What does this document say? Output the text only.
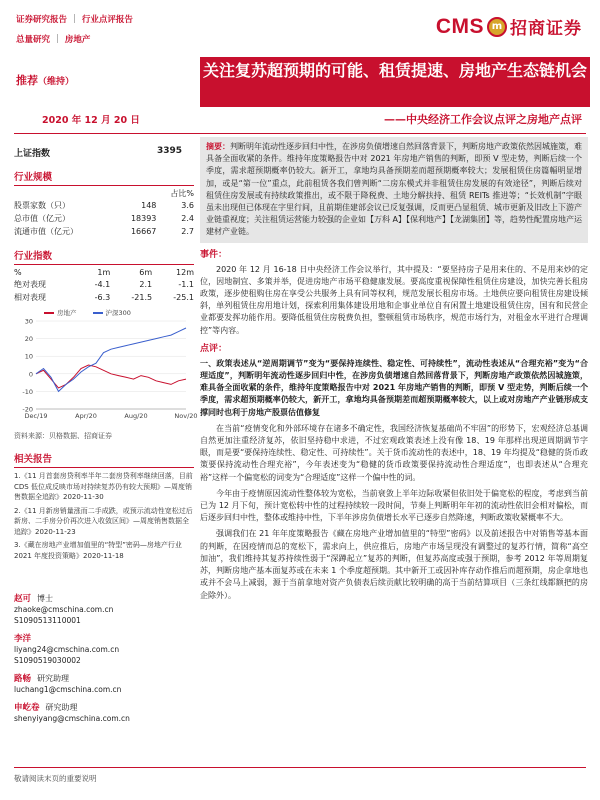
证券研究报告 | 行业点评报告
总量研究 | 房地产
CMS m 招商证券
推荐（维持）
关注复苏超预期的可能、租赁提速、房地产生态链机会
2020 年 12 月 20 日	——中央经济工作会议点评之房地产点评
上证指数	3395
行业规模
		占比%
股票家数（只）	148	3.6
总市值（亿元）	18393	2.4
流通市值（亿元）	16667	2.7
行业指数
%	1m	6m	12m
绝对表现	-4.1	2.1	-1.1
相对表现	-6.3	-21.5	-25.1
房地产	沪深300
30
20
10
0
-10
-20
Dec/19	Apr/20	Aug/20	Nov/20
资料来源：贝格数据、招商证券
相关报告
1.《11 月首套房贷利率半年二套房贷利率继续回落，目前 CDS 低位成反映市场对持续复苏仍有较大预期》—周度销售数据全追踪》2020-11-30
2.《11 月新房销量涨而二手成跌，或预示流动性宽松过后新房、二手房分价再次进入收敛区间》—周度销售数据全追踪》2020-11-23
3.《藏在房地产业增加值里的“特型”密码—房地产行业 2021 年度投资策略》2020-11-18
赵可 博士
zhaoke@cmschina.com.cn
S1090513110001
李洋
liyang24@cmschina.com.cn
S1090519030002
路畅 研究助理
luchang1@cmschina.com.cn
申屹卷 研究助理
shenyiyang@cmschina.com.cn
摘要：判断明年流动性逐步回归中性，在涉房负债增速自然回落背景下，判断房地产政策依然因城施策，难具备全面收紧的条件。维持年度策略报告中对 2021 年房地产销售的判断，即预 V 型走势，判断后续一个季度，需求超预期概率仍较大。新开工，拿地均具备预期差而超预期概率较大；发展租赁住房篇幅明显增加，或是“第一位”重点，此前租赁各我们曾判断“二房东模式并非租赁住房发展的有效途径”，判断后续对租赁住房发展或有持续政策推出，或不限于降税费、土地分解扶持、租赁 REITs 推进等；“长效机制”字眼虽未出现但已体现在字里行间，且前期佳建部会议已反复强调，反而更凸显租赁、城市更新及旧改上下游产业链重视度；关注租赁运营能力较强的企业如【万科 A】【保利地产】【龙湖集团】等，趋势性配置房地产运建材产业链。
事件：
2020 年 12 月 16-18 日中央经济工作会议举行，其中提及：“要坚持房子是用来住的、不是用来炒的定位，因地制宜、多策并举，促进房地产市场平稳健康发展。要高度重视保障性租赁住房建设，加快完善长租房政策，逐步使租购住房在享受公共服务上具有同等权利，规范发展长租房市场。土地供应要向租赁住房建设倾斜，单列租赁住房用地计划，探索利用集体建设用地和企事业单位自有闲置土地建设租赁住房，国有和民营企业都要发挥功能作用。要降低租赁住房税费负担，整顿租赁市场秩序，规范市场行为，对租金水平进行合理调控”等内容。
点评：
一、政策表述从“逆周期调节”变为“要保持连续性、稳定性、可持续性”，流动性表述从“合理充裕”变为“合理适度”，判断明年流动性逐步回归中性，在涉房负债增速自然回落背景下，判断房地产政策依然因城施策，难具备全面收紧的条件，维持年度策略报告中对 2021 年房地产销售的判断，即预 V 型走势，判断后续一个季度，需求超预期概率仍较大，新开工，拿地均具备预期差而超预期概率较大，以上或对房地产产业链形成支撑同时也利于房地产股票估值修复
在当前“疫情变化和外部环境存在诸多不确定性，我国经济恢复基础尚不牢固”的形势下，宏观经济总基调自然更加注重经济复苏，依旧坚持稳中求进，不过宏观政策表述上没有像 18、19 年那样出现逆周期调节字眼，而是要“要保持连续性、稳定性、可持续性”。关于货币流动性的表述中，18、19 年均提及“稳健的货币政策要保持流动性合理充裕”，今年表述变为“稳健的货币政策要保持流动性合理适度”，也即表述从“合理充裕”这样一个偏宽松的词变为“合理适度”这样一个偏中性的词。
今年由于疫情原因流动性整体较为宽松，当前衰敛上半年边际收紧但依旧处于偏宽松的程度，考虑到当前已为 12 月下旬，预计宽松转中性的过程持续较一段时间，节奏上判断明年年初的流动性依旧会相对偏松，而后逐步回归中性，整体或维持中性，下半年涉房负债增长水平已逐步自然降速，判断政策收紧概率不大。
强调我们在 21 年年度策略报告《藏在房地产业增加值里的“特型”密码》以及前述报告中对销售等基本面的判断，在因疫情而总的宽松下，需求向上，供应推后，房地产市场呈现没有调整过的复苏行情，简称“高空加油”，我们维持其复苏持续性弱于“深蹲起立”复苏的判断，但复苏高度或强于预期，参考 2012 年等周期复苏，判断房地产基本面复苏或在未来 1 个季度超预期。其中新开工或因补库存动作推后而超预期，房企拿地也或并不会马上减弱，源于当前拿地对资产负债表后续贡献比较明确的高于当前结算项目（三条红线都额把的房企除外）。
敬请阅读末页的重要说明
